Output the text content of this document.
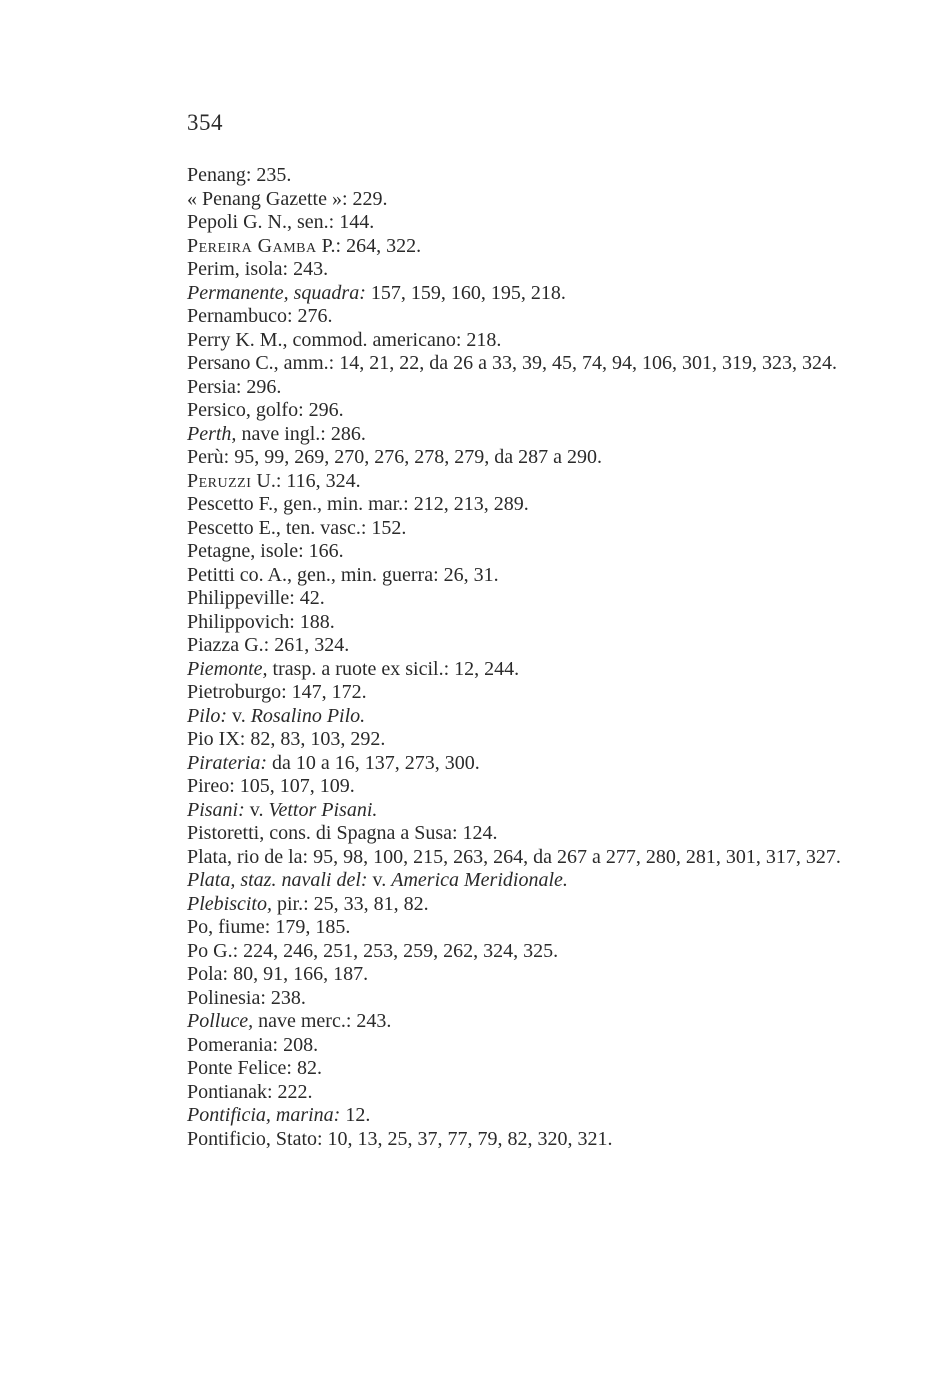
354
Penang: 235.
« Penang Gazette »: 229.
Pepoli G. N., sen.: 144.
Pereira Gamba P.: 264, 322.
Perim, isola: 243.
Permanente, squadra: 157, 159, 160, 195, 218.
Pernambuco: 276.
Perry K. M., commod. americano: 218.
Persano C., amm.: 14, 21, 22, da 26 a 33, 39, 45, 74, 94, 106, 301, 319, 323, 324.
Persia: 296.
Persico, golfo: 296.
Perth, nave ingl.: 286.
Perù: 95, 99, 269, 270, 276, 278, 279, da 287 a 290.
Peruzzi U.: 116, 324.
Pescetto F., gen., min. mar.: 212, 213, 289.
Pescetto E., ten. vasc.: 152.
Petagne, isole: 166.
Petitti co. A., gen., min. guerra: 26, 31.
Philippeville: 42.
Philippovich: 188.
Piazza G.: 261, 324.
Piemonte, trasp. a ruote ex sicil.: 12, 244.
Pietroburgo: 147, 172.
Pilo: v. Rosalino Pilo.
Pio IX: 82, 83, 103, 292.
Pirateria: da 10 a 16, 137, 273, 300.
Pireo: 105, 107, 109.
Pisani: v. Vettor Pisani.
Pistoretti, cons. di Spagna a Susa: 124.
Plata, rio de la: 95, 98, 100, 215, 263, 264, da 267 a 277, 280, 281, 301, 317, 327.
Plata, staz. navali del: v. America Meridionale.
Plebiscito, pir.: 25, 33, 81, 82.
Po, fiume: 179, 185.
Po G.: 224, 246, 251, 253, 259, 262, 324, 325.
Pola: 80, 91, 166, 187.
Polinesia: 238.
Polluce, nave merc.: 243.
Pomerania: 208.
Ponte Felice: 82.
Pontianak: 222.
Pontificia, marina: 12.
Pontificio, Stato: 10, 13, 25, 37, 77, 79, 82, 320, 321.
